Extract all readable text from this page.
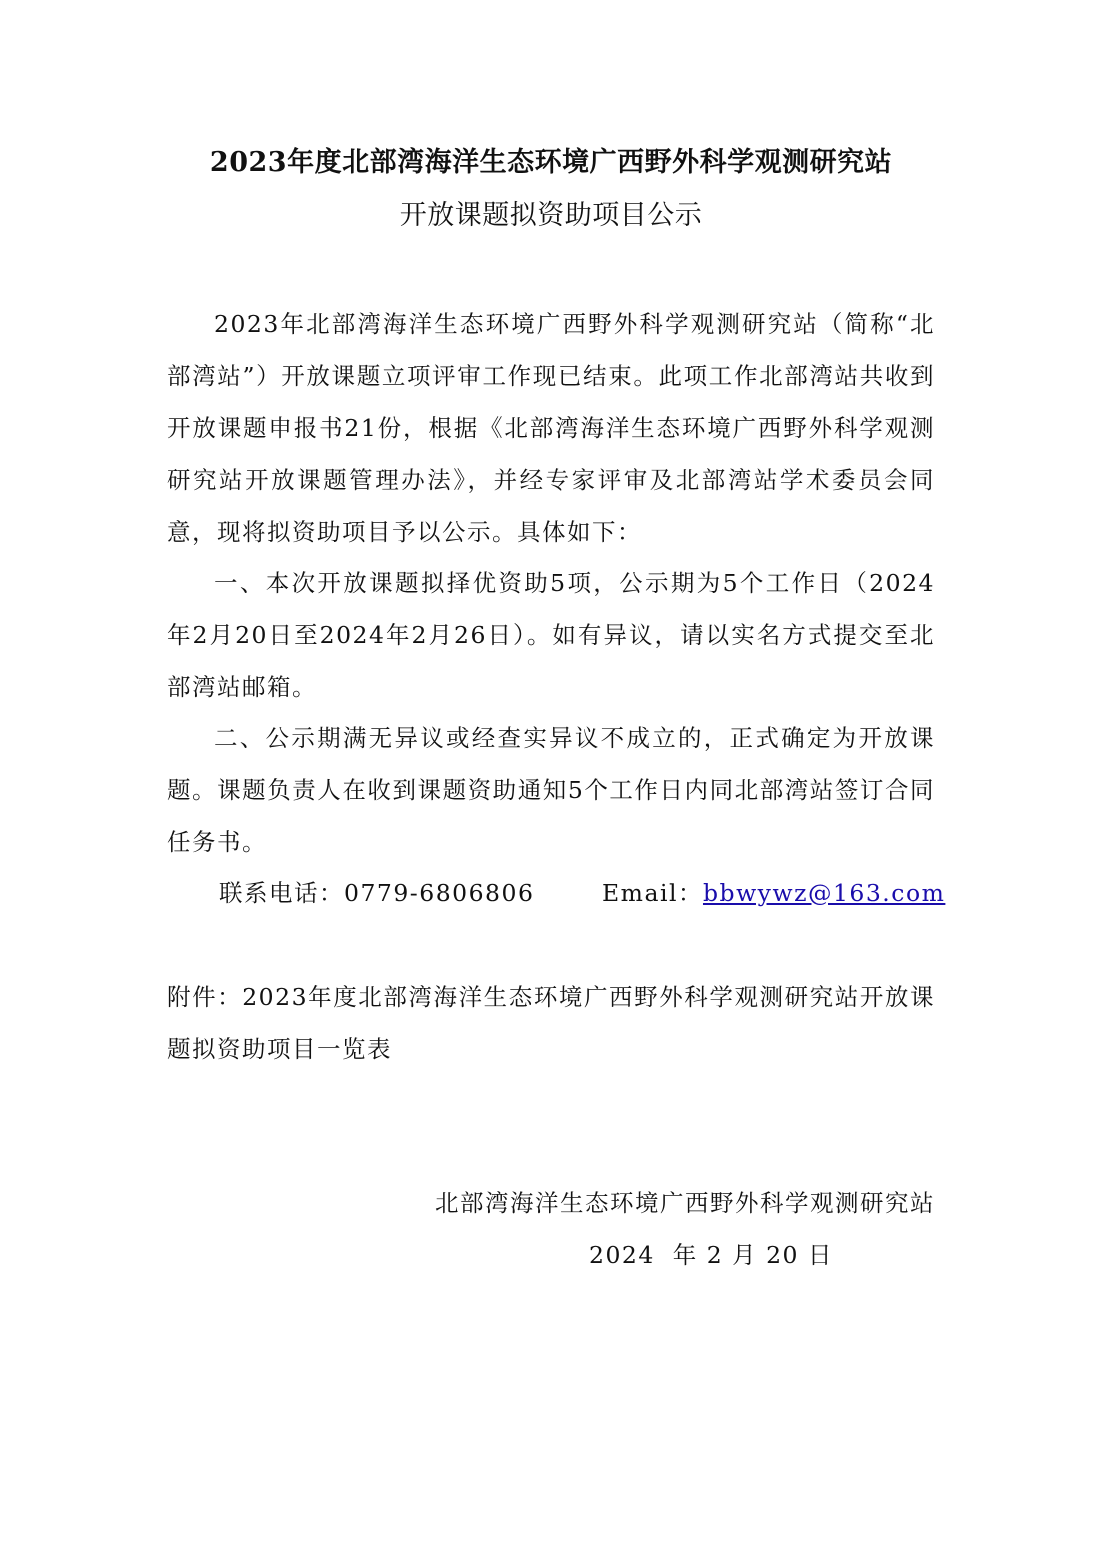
2023年度北部湾海洋生态环境广西野外科学观测研究站
开放课题拟资助项目公示

2023年北部湾海洋生态环境广西野外科学观测研究站（简称“北部湾站”）开放课题立项评审工作现已结束。此项工作北部湾站共收到开放课题申报书21份，根据《北部湾海洋生态环境广西野外科学观测研究站开放课题管理办法》，并经专家评审及北部湾站学术委员会同意，现将拟资助项目予以公示。具体如下：

一、本次开放课题拟择优资助5项，公示期为5个工作日（2024年2月20日至2024年2月26日）。如有异议，请以实名方式提交至北部湾站邮箱。

二、公示期满无异议或经查实异议不成立的，正式确定为开放课题。课题负责人在收到课题资助通知5个工作日内同北部湾站签订合同任务书。

联系电话：0779-6806806	Email：bbwywz@163.com

附件：2023年度北部湾海洋生态环境广西野外科学观测研究站开放课题拟资助项目一览表

北部湾海洋生态环境广西野外科学观测研究站
2024  年 2 月 20 日
